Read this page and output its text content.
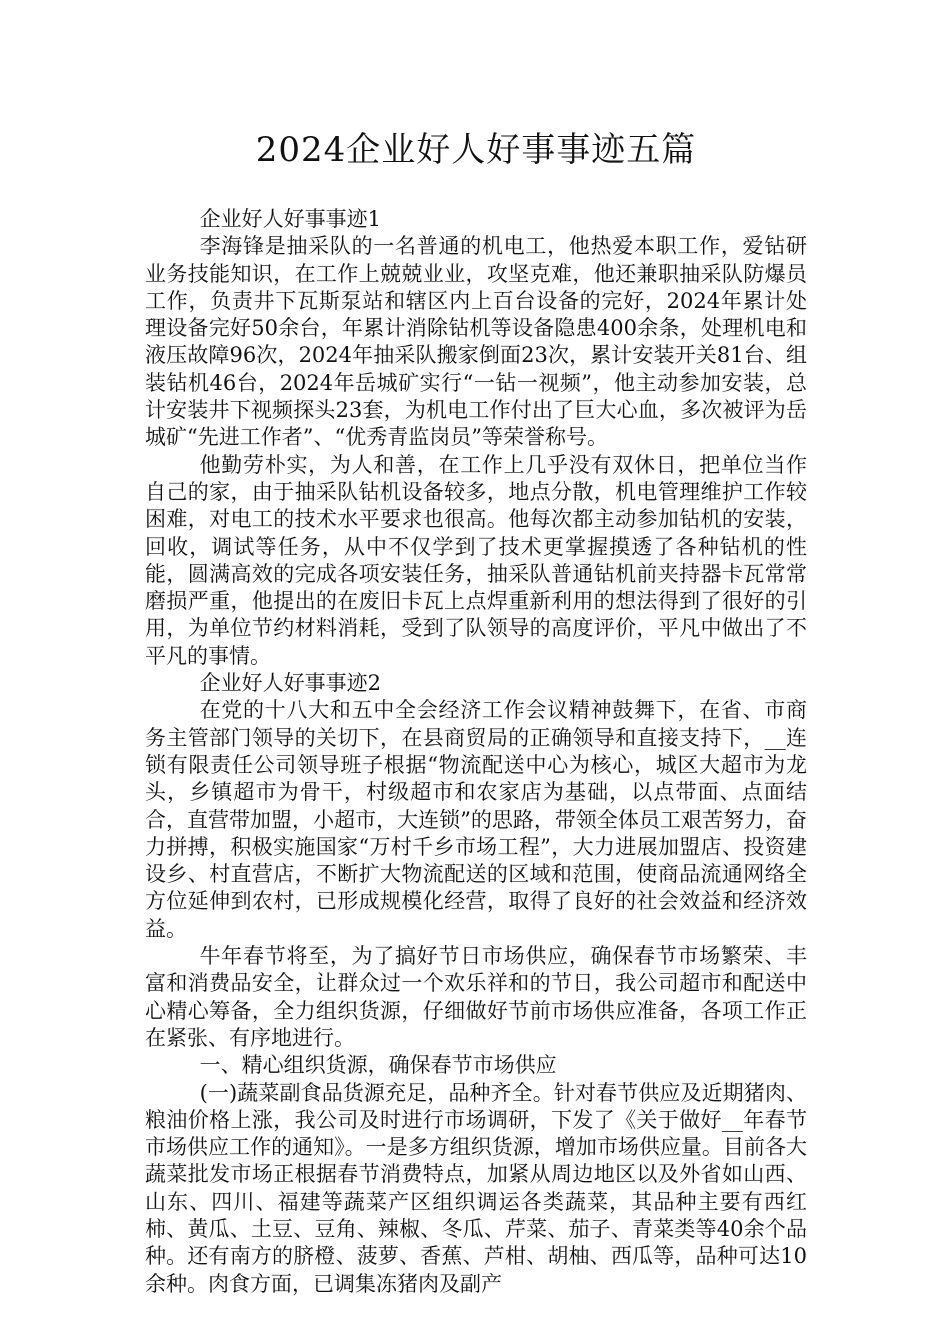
2024企业好人好事事迹五篇

企业好人好事事迹1

李海锋是抽采队的一名普通的机电工，他热爱本职工作，爱钻研业务技能知识，在工作上兢兢业业，攻坚克难，他还兼职抽采队防爆员工作，负责井下瓦斯泵站和辖区内上百台设备的完好，2024年累计处理设备完好50余台，年累计消除钻机等设备隐患400余条，处理机电和液压故障96次，2024年抽采队搬家倒面23次，累计安装开关81台、组装钻机46台，2024年岳城矿实行“一钻一视频”，他主动参加安装，总计安装井下视频探头23套，为机电工作付出了巨大心血，多次被评为岳城矿“先进工作者”、“优秀青监岗员”等荣誉称号。

他勤劳朴实，为人和善，在工作上几乎没有双休日，把单位当作自己的家，由于抽采队钻机设备较多，地点分散，机电管理维护工作较困难，对电工的技术水平要求也很高。他每次都主动参加钻机的安装，回收，调试等任务，从中不仅学到了技术更掌握摸透了各种钻机的性能，圆满高效的完成各项安装任务，抽采队普通钻机前夹持器卡瓦常常磨损严重，他提出的在废旧卡瓦上点焊重新利用的想法得到了很好的引用，为单位节约材料消耗，受到了队领导的高度评价，平凡中做出了不平凡的事情。

企业好人好事事迹2

在党的十八大和五中全会经济工作会议精神鼓舞下，在省、市商务主管部门领导的关切下，在县商贸局的正确领导和直接支持下，__连锁有限责任公司领导班子根据“物流配送中心为核心，城区大超市为龙头，乡镇超市为骨干，村级超市和农家店为基础，以点带面、点面结合，直营带加盟，小超市，大连锁”的思路，带领全体员工艰苦努力，奋力拼搏，积极实施国家“万村千乡市场工程”，大力进展加盟店、投资建设乡、村直营店，不断扩大物流配送的区域和范围，使商品流通网络全方位延伸到农村，已形成规模化经营，取得了良好的社会效益和经济效益。

牛年春节将至，为了搞好节日市场供应，确保春节市场繁荣、丰富和消费品安全，让群众过一个欢乐祥和的节日，我公司超市和配送中心精心筹备，全力组织货源，仔细做好节前市场供应准备，各项工作正在紧张、有序地进行。

一、精心组织货源，确保春节市场供应

(一)蔬菜副食品货源充足，品种齐全。针对春节供应及近期猪肉、粮油价格上涨，我公司及时进行市场调研，下发了《关于做好__年春节市场供应工作的通知》。一是多方组织货源，增加市场供应量。目前各大蔬菜批发市场正根据春节消费特点，加紧从周边地区以及外省如山西、山东、四川、福建等蔬菜产区组织调运各类蔬菜，其品种主要有西红柿、黄瓜、土豆、豆角、辣椒、冬瓜、芹菜、茄子、青菜类等40余个品种。还有南方的脐橙、菠萝、香蕉、芦柑、胡柚、西瓜等，品种可达10余种。肉食方面，已调集冻猪肉及副产
